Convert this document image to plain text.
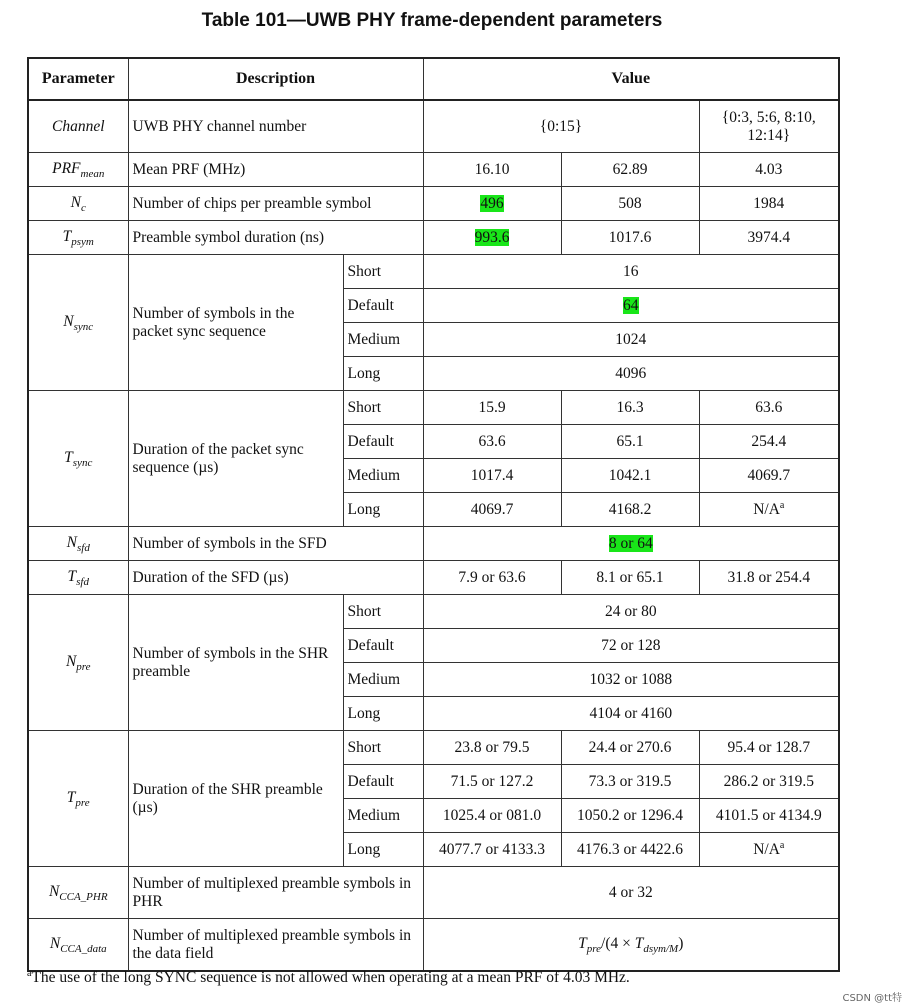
Table 101—UWB PHY frame-dependent parameters
Parameter	Description		Value		
Channel	UWB PHY channel number		{0:15}		{0:3, 5:6, 8:10, 12:14}
$PRF_{mean}$	Mean PRF (MHz)		16.10	62.89	4.03
$N_c$	Number of chips per preamble symbol		496	508	1984
$T_{psym}$	Preamble symbol duration (ns)		993.6	1017.6	3974.4
$N_{sync}$	Number of symbols in the packet sync sequence	Short	16		
		Default	64		
		Medium	1024		
		Long	4096		
$T_{sync}$	Duration of the packet sync sequence (µs)	Short	15.9	16.3	63.6
		Default	63.6	65.1	254.4
		Medium	1017.4	1042.1	4069.7
		Long	4069.7	4168.2	$N/A^a$
$N_{sfd}$	Number of symbols in the SFD		8 or 64		
$T_{sfd}$	Duration of the SFD (µs)		7.9 or 63.6	8.1 or 65.1	31.8 or 254.4
$N_{pre}$	Number of symbols in the SHR preamble	Short	24 or 80		
		Default	72 or 128		
		Medium	1032 or 1088		
		Long	4104 or 4160		
$T_{pre}$	Duration of the SHR preamble (µs)	Short	23.8 or 79.5	24.4 or 270.6	95.4 or 128.7
		Default	71.5 or 127.2	73.3 or 319.5	286.2 or 319.5
		Medium	1025.4 or 081.0	1050.2 or 1296.4	4101.5 or 4134.9
		Long	4077.7 or 4133.3	4176.3 or 4422.6	$N/A^a$
$N_{CCA\_PHR}$	Number of multiplexed preamble symbols in PHR		4 or 32		
$N_{CCA\_data}$	Number of multiplexed preamble symbols in the data field		$T_{pre}/(4 \times T_{dsym/M})$		
$^a$The use of the long SYNC sequence is not allowed when operating at a mean PRF of 4.03 MHz.
CSDN @tt特
